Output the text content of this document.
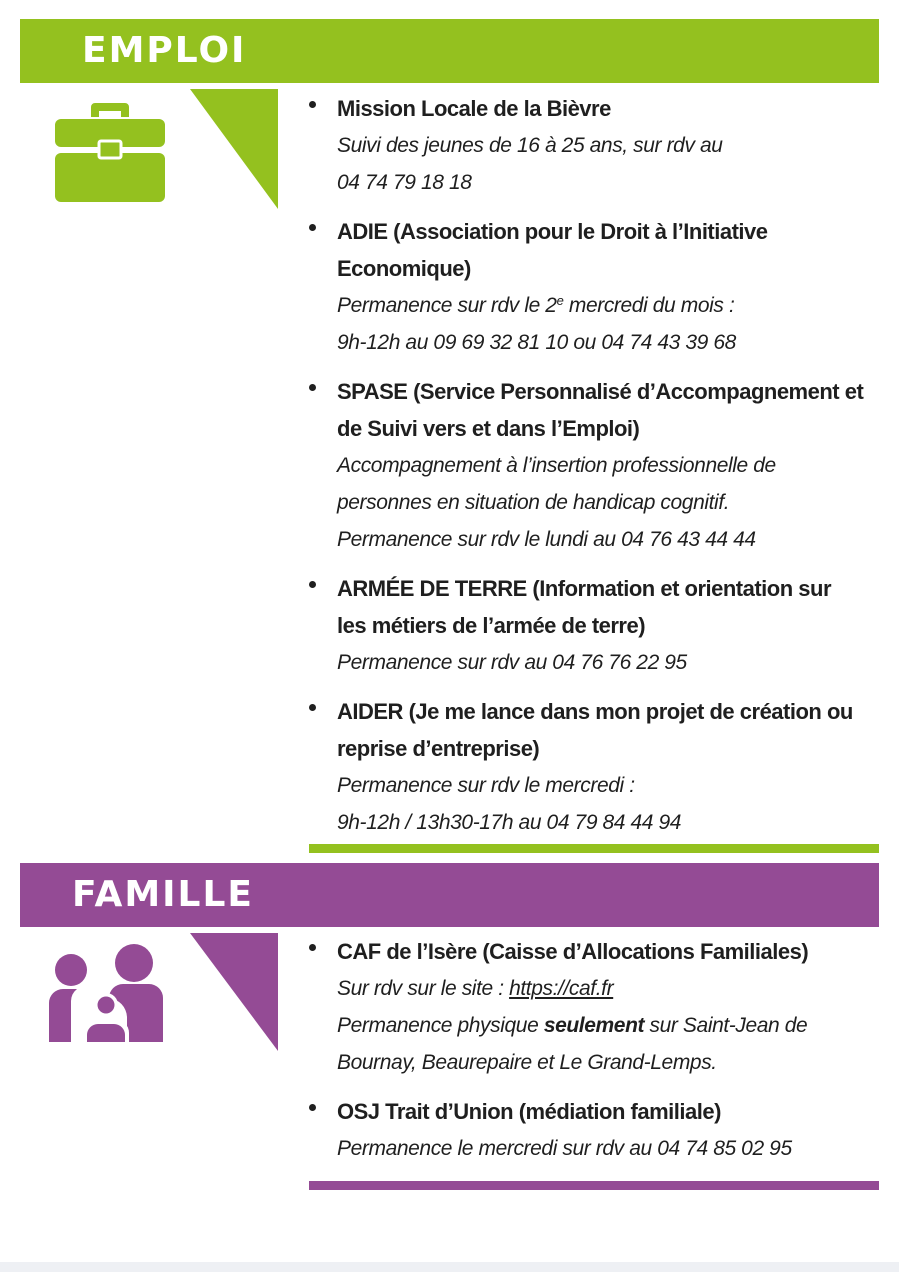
EMPLOI
Mission Locale de la Bièvre
Suivi des jeunes de 16 à 25 ans, sur rdv au
04 74 79 18 18
ADIE (Association pour le Droit à l’Initiative Economique)
Permanence sur rdv le 2e mercredi du mois :
9h-12h au 09 69 32 81 10 ou 04 74 43 39 68
SPASE (Service Personnalisé d’Accompagnement et de Suivi vers et dans l’Emploi)
Accompagnement à l’insertion professionnelle de personnes en situation de handicap cognitif.
Permanence sur rdv le lundi au 04 76 43 44 44
ARMÉE DE TERRE (Information et orientation sur les métiers de l’armée de terre)
Permanence sur rdv au 04 76 76 22 95
AIDER (Je me lance dans mon projet de création ou reprise d’entreprise)
Permanence sur rdv le mercredi :
9h-12h / 13h30-17h au 04 79 84 44 94
FAMILLE
CAF de l’Isère (Caisse d’Allocations Familiales)
Sur rdv sur le site : https://caf.fr
Permanence physique seulement sur Saint-Jean de Bournay, Beaurepaire et Le Grand-Lemps.
OSJ Trait d’Union (médiation familiale)
Permanence le mercredi sur rdv au 04 74 85 02 95
